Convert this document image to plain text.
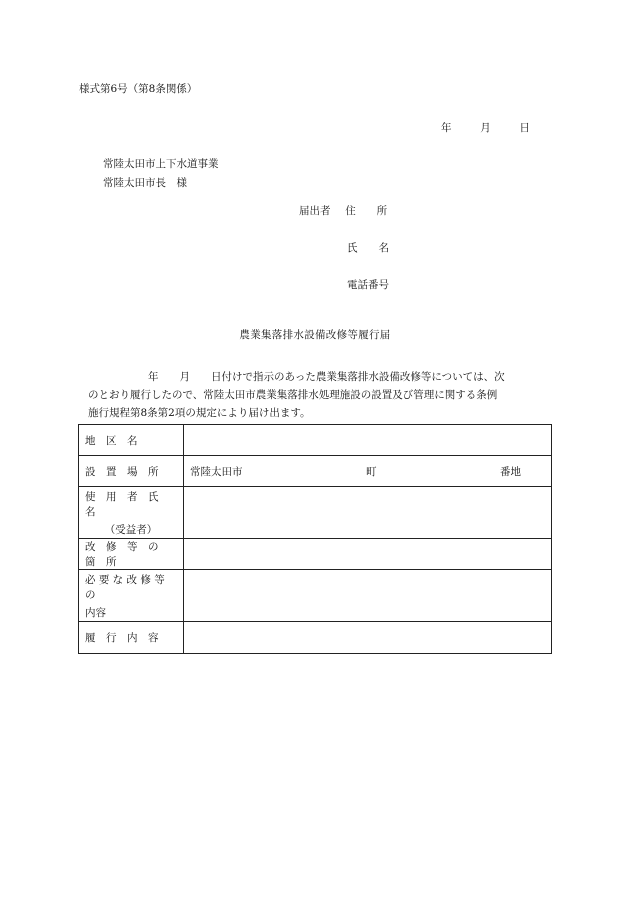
様式第6号（第8条関係）
年	月	日
常陸太田市上下水道事業
常陸太田市長　様
届出者 住　　所
氏　　名
電話番号
農業集落排水設備改修等履行届
年　　月　　日付けで指示のあった農業集落排水設備改修等については、次
のとおり履行したので、常陸太田市農業集落排水処理施設の設置及び管理に関する条例
施行規程第8条第2項の規定により届け出ます。
地　区　名	
設　置　場　所	常陸太田市 町 番地

使　用　者　氏　名
（受益者）	

改　修　等　の　箇　所	

必 要 な 改 修 等 の
内容	

履　行　内　容	
